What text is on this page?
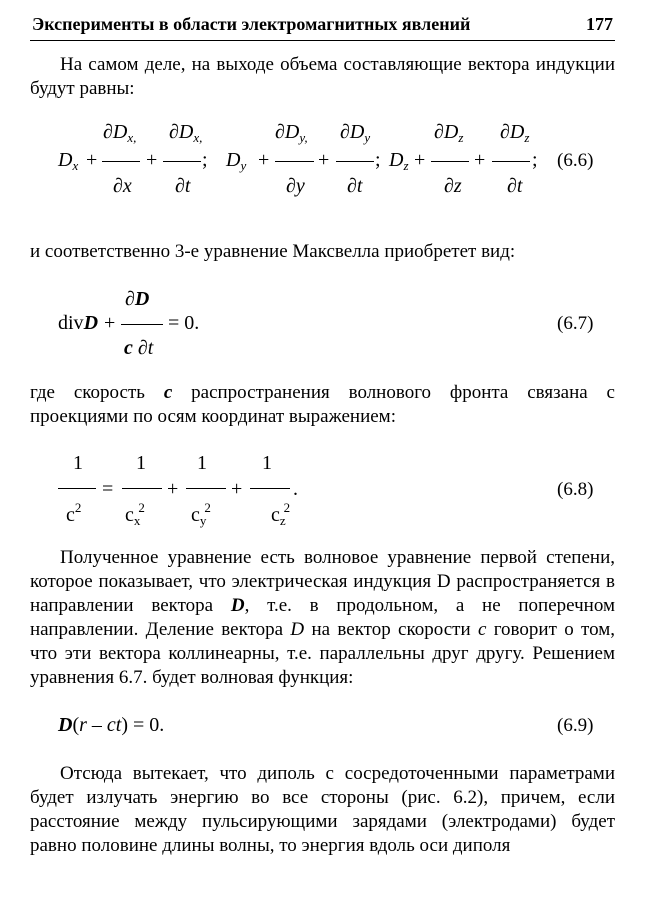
Эксперименты в области электромагнитных явлений	177

На самом деле, на выходе объема составляющие вектора индукции будут равны:

$\partial D_{x,}$ $\partial D_{x,}$	$\partial D_{y,}$ $\partial D_y$	$\partial D_z$ $\partial D_z$
$D_x$ + + ; $D_y$ + + ; $D_z$ + + ; (6.6)
∂x ∂t	∂y ∂t	∂z ∂t

и соответственно 3-е уравнение Максвелла приобретет вид:

∂D
divD +	= 0.
c ∂t
(6.7)

где скорость с распространения волнового фронта связана с проекциями по осям координат выражением:

1	1	1	1
=	+	+	.
$c^2$ $c_x^2$ $c_y^2$	$c_z^2$
(6.8)

Полученное уравнение есть волновое уравнение первой степени, которое показывает, что электрическая индукция D распространяется в направлении вектора D, т.е. в продольном, а не поперечном направлении. Деление вектора D на вектор скорости c говорит о том, что эти вектора коллинеарны, т.е. параллельны друг другу. Решением уравнения 6.7. будет волновая функция:

D(r – ct) = 0.	(6.9)

Отсюда вытекает, что диполь с сосредоточенными параметрами будет излучать энергию во все стороны (рис. 6.2), причем, если расстояние между пульсирующими зарядами (электродами) будет равно половине длины волны, то энергия вдоль оси диполя
